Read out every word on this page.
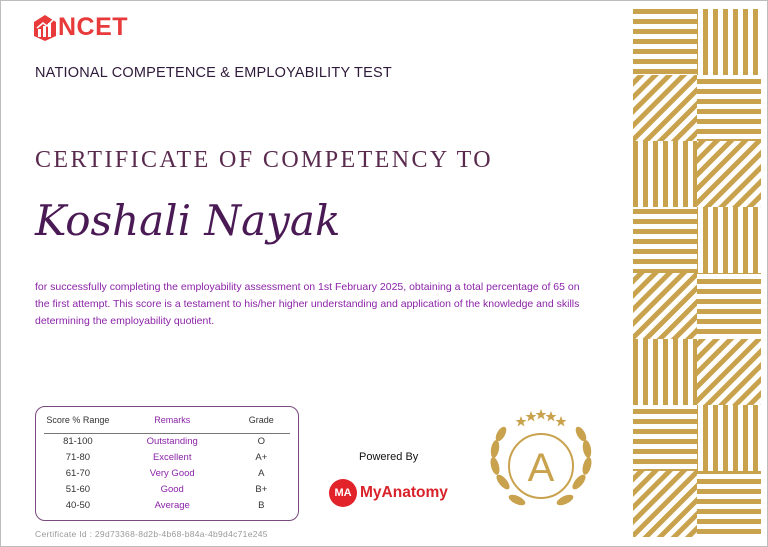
NCET
NATIONAL COMPETENCE & EMPLOYABILITY TEST
CERTIFICATE OF COMPETENCY TO
Koshali Nayak
for successfully completing the employability assessment on 1st February 2025, obtaining a total percentage of 65 on the first attempt. This score is a testament to his/her higher understanding and application of the knowledge and skills determining the employability quotient.
Score % Range	Remarks	Grade
81-100	Outstanding	O
71-80	Excellent	A+
61-70	Very Good	A
51-60	Good	B+
40-50	Average	B
Certificate Id : 29d73368-8d2b-4b68-b84a-4b9d4c71e245
Powered By
MA MyAnatomy
A
